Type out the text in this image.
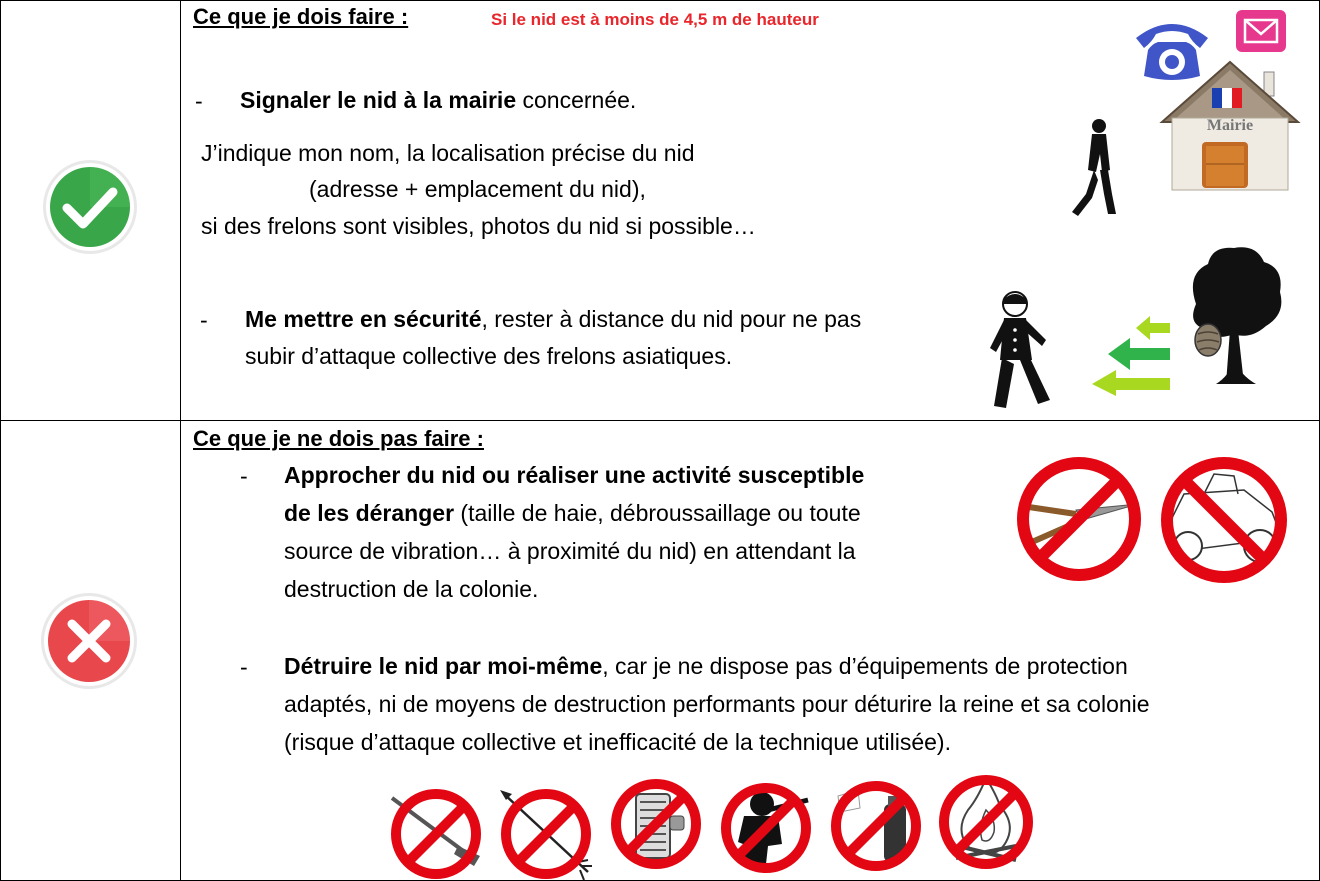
Ce que je dois faire :	Si le nid est à moins de 4,5 m de hauteur
- Signaler le nid à la mairie concernée.
J’indique mon nom, la localisation précise du nid
(adresse + emplacement du nid),
si des frelons sont visibles, photos du nid si possible…
- Me mettre en sécurité, rester à distance du nid pour ne pas
subir d’attaque collective des frelons asiatiques.
Mairie
Ce que je ne dois pas faire :
- Approcher du nid ou réaliser une activité susceptible
de les déranger (taille de haie, débroussaillage ou toute
source de vibration… à proximité du nid) en attendant la
destruction de la colonie.
- Détruire le nid par moi-même, car je ne dispose pas d’équipements de protection
adaptés, ni de moyens de destruction performants pour déturire la reine et sa colonie
(risque d’attaque collective et inefficacité de la technique utilisée).
